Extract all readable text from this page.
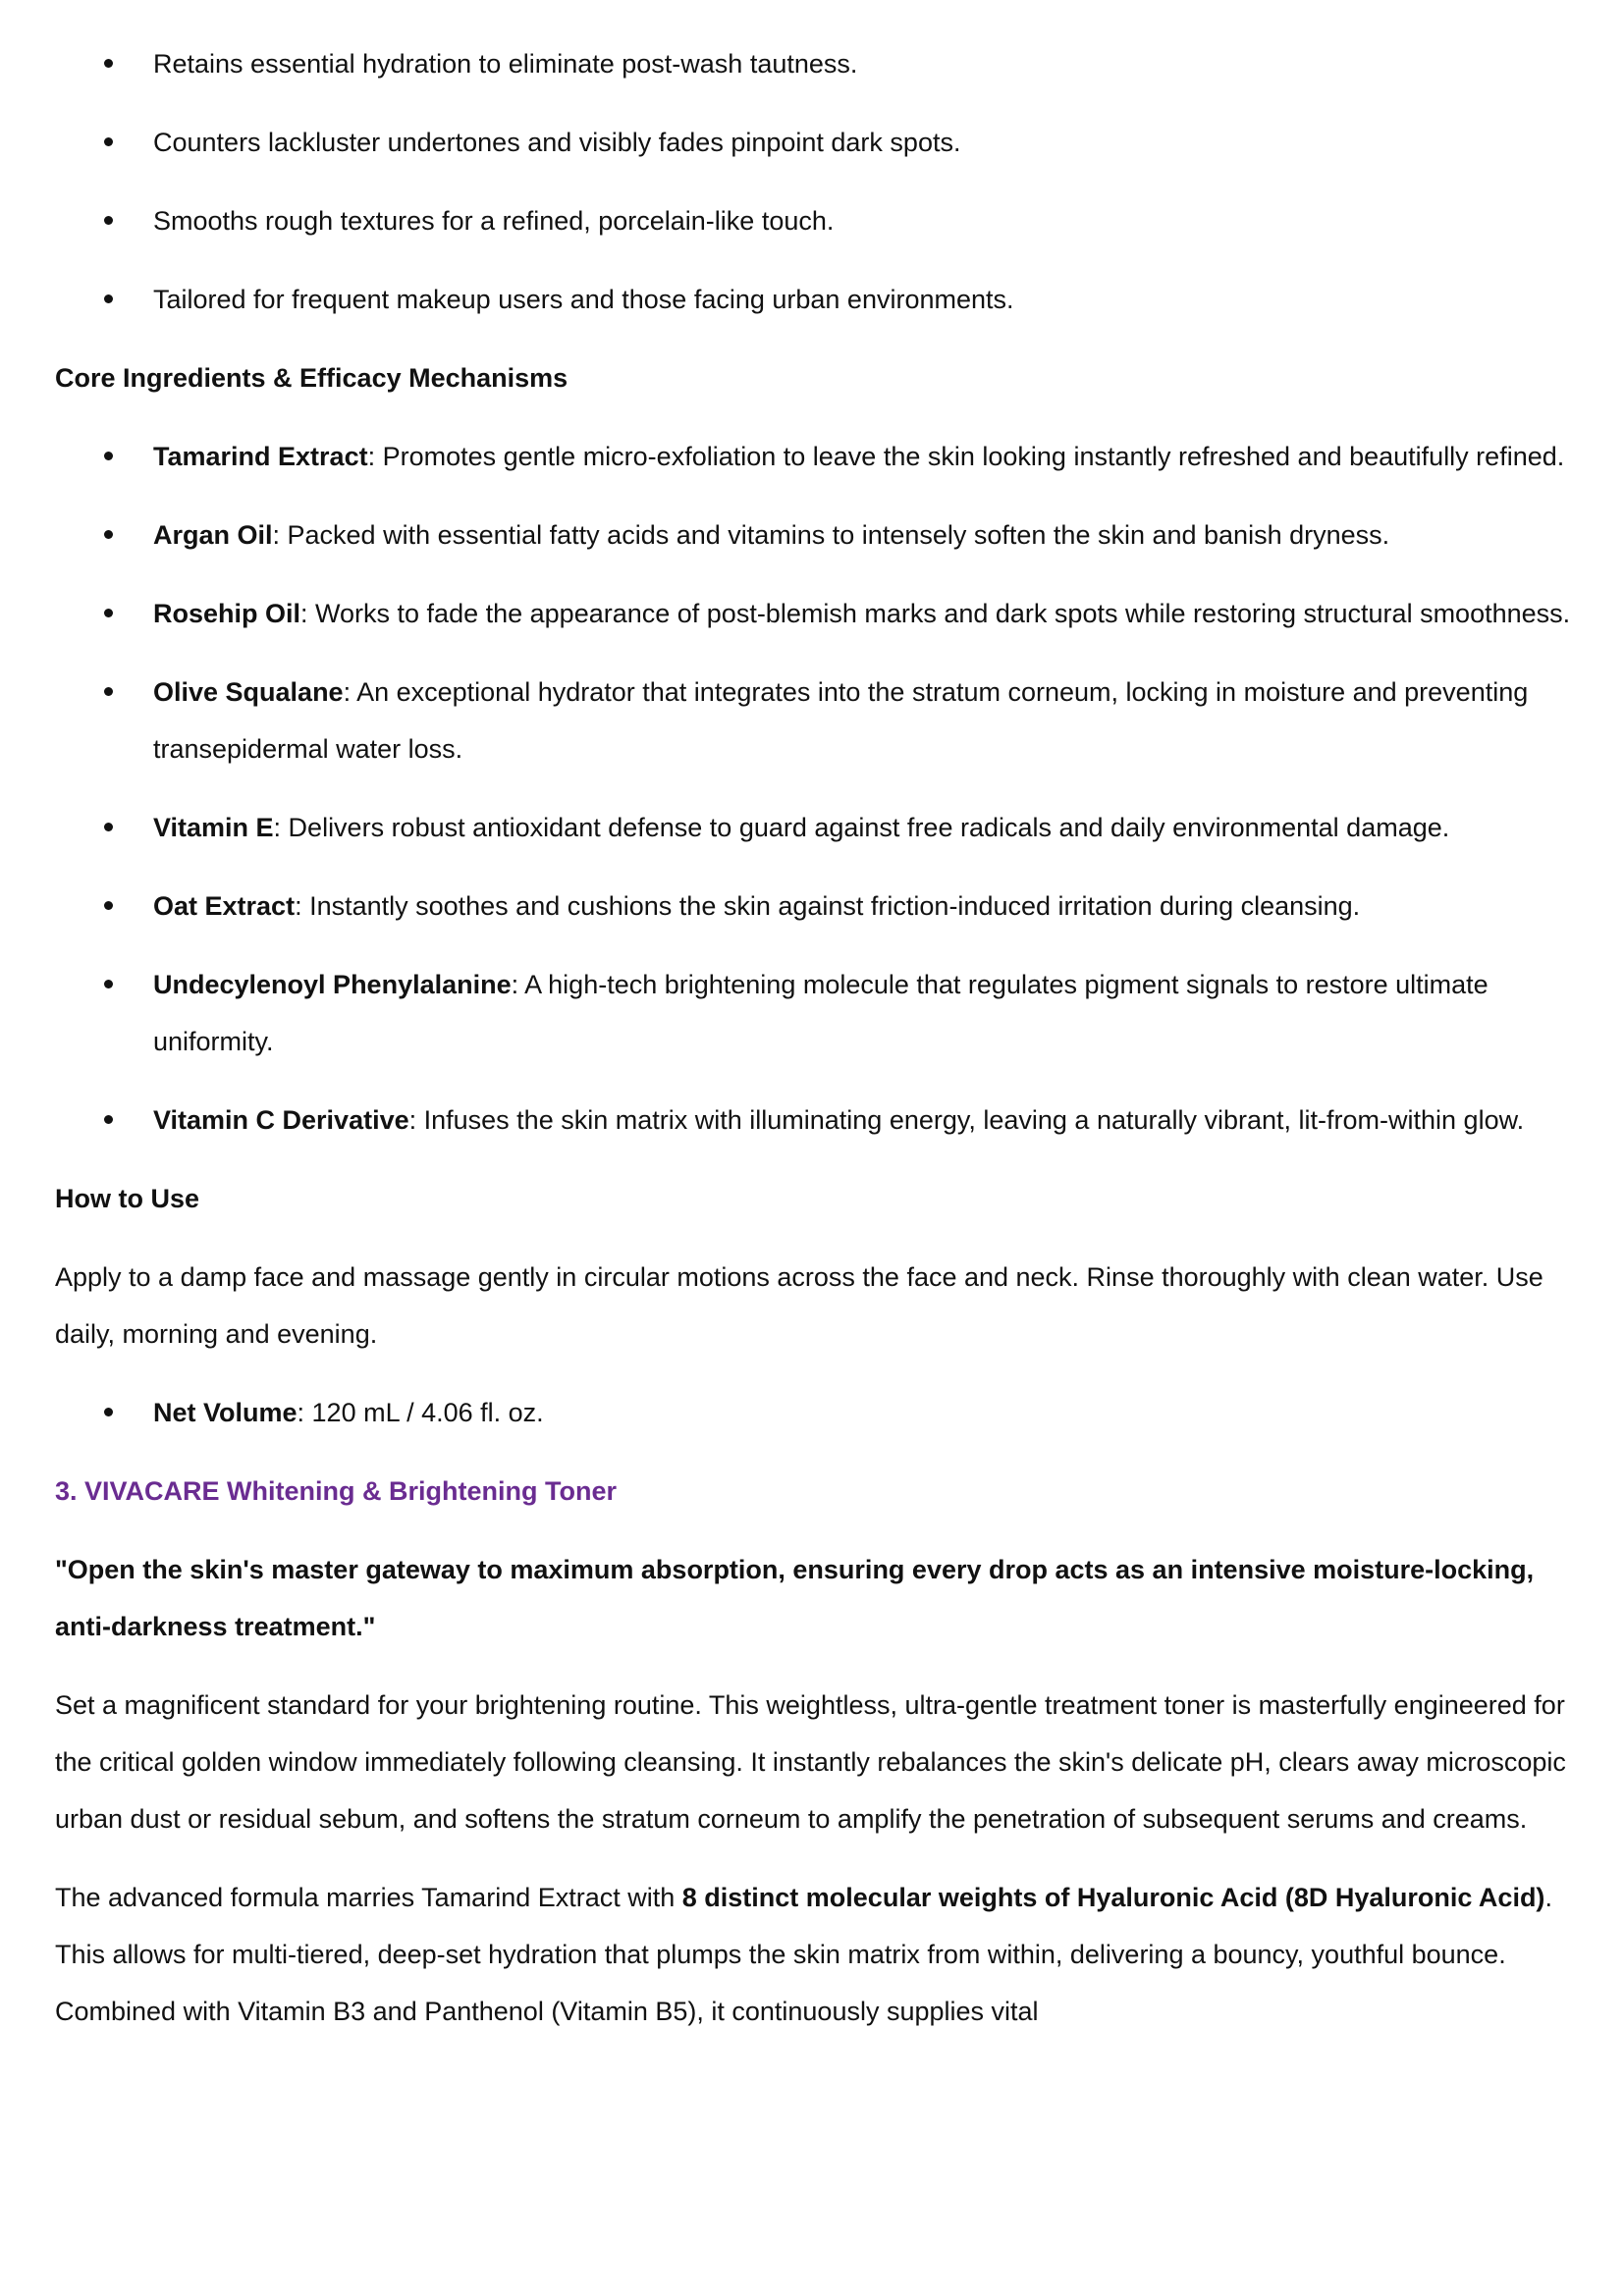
Retains essential hydration to eliminate post-wash tautness.
Counters lackluster undertones and visibly fades pinpoint dark spots.
Smooths rough textures for a refined, porcelain-like touch.
Tailored for frequent makeup users and those facing urban environments.
Core Ingredients & Efficacy Mechanisms
Tamarind Extract: Promotes gentle micro-exfoliation to leave the skin looking instantly refreshed and beautifully refined.
Argan Oil: Packed with essential fatty acids and vitamins to intensely soften the skin and banish dryness.
Rosehip Oil: Works to fade the appearance of post-blemish marks and dark spots while restoring structural smoothness.
Olive Squalane: An exceptional hydrator that integrates into the stratum corneum, locking in moisture and preventing transepidermal water loss.
Vitamin E: Delivers robust antioxidant defense to guard against free radicals and daily environmental damage.
Oat Extract: Instantly soothes and cushions the skin against friction-induced irritation during cleansing.
Undecylenoyl Phenylalanine: A high-tech brightening molecule that regulates pigment signals to restore ultimate uniformity.
Vitamin C Derivative: Infuses the skin matrix with illuminating energy, leaving a naturally vibrant, lit-from-within glow.
How to Use

Apply to a damp face and massage gently in circular motions across the face and neck. Rinse thoroughly with clean water. Use daily, morning and evening.

Net Volume: 120 mL / 4.06 fl. oz.
3. VIVACARE Whitening & Brightening Toner
"Open the skin's master gateway to maximum absorption, ensuring every drop acts as an intensive moisture-locking, anti-darkness treatment."

Set a magnificent standard for your brightening routine. This weightless, ultra-gentle treatment toner is masterfully engineered for the critical golden window immediately following cleansing. It instantly rebalances the skin's delicate pH, clears away microscopic urban dust or residual sebum, and softens the stratum corneum to amplify the penetration of subsequent serums and creams.

The advanced formula marries Tamarind Extract with 8 distinct molecular weights of Hyaluronic Acid (8D Hyaluronic Acid). This allows for multi-tiered, deep-set hydration that plumps the skin matrix from within, delivering a bouncy, youthful bounce. Combined with Vitamin B3 and Panthenol (Vitamin B5), it continuously supplies vital
